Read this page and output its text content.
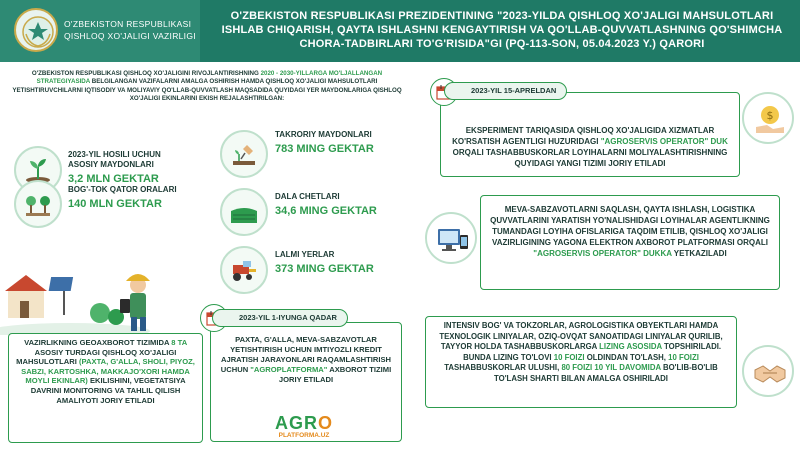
O'ZBEKISTON RESPUBLIKASI
QISHLOQ XO'JALIGI VAZIRLIGI
O'ZBEKISTON RESPUBLIKASI PREZIDENTINING "2023-YILDA QISHLOQ XO'JALIGI MAHSULOTLARI
ISHLAB CHIQARISH, QAYTA ISHLASHNI KENGAYTIRISH VA QO'LLAB-QUVVATLASHNING QO'SHIMCHA
CHORA-TADBIRLARI TO'G'RISIDA"GI (PQ-113-SON, 05.04.2023 Y.) QARORI
O'ZBEKISTON RESPUBLIKASI QISHLOQ XO'JALIGINI RIVOJLANTIRISHNING 2020 - 2030-YILLARGA MO'LJALLANGAN STRATEGIYASIDA BELGILANGAN VAZIFALARNI AMALGA OSHIRISH HAMDA QISHLOQ XO'JALIGI MAHSULOTLARI YETISHTIRUVCHILARNI IQTISODIY VA MOLIYAVIY QO'LLAB-QUVVATLASH MAQSADIDA QUYIDAGI YER MAYDONLARIGA QISHLOQ XO'JALIGI EKINLARINI EKISH REJALASHTIRILGAN:
2023-YIL HOSILI UCHUN ASOSIY MAYDONLARI
3,2 MLN GEKTAR
TAKRORIY MAYDONLARI
783 MING GEKTAR
BOG'-TOK QATOR ORALARI
140 MLN GEKTAR
DALA CHETLARI
34,6 MING GEKTAR
LALMI YERLAR
373 MING GEKTAR
VAZIRLIKNING GEOAXBOROT TIZIMIDA 8 TA ASOSIY TURDAGI QISHLOQ XO'JALIGI MAHSULOTLARI (PAXTA, G'ALLA, SHOLI, PIYOZ, SABZI, KARTOSHKA, MAKKAJO'XORI HAMDA MOYLI EKINLAR) EKILISHINI, VEGETATSIYA DAVRINI MONITORING VA TAHLIL QILISH AMALIYOTI JORIY ETILADI
PAXTA, G'ALLA, MEVA-SABZAVOTLAR YETISHTIRISH UCHUN IMTIYOZLI KREDIT AJRATISH JARAYONLARI RAQAMLASHTIRISH UCHUN "AGROPLATFORMA" AXBOROT TIZIMI JORIY ETILADI
2023-YIL 1-IYUNGA QADAR
AGRO
PLATFORMA.UZ
EKSPERIMENT TARIQASIDA QISHLOQ XO'JALIGIDA XIZMATLAR KO'RSATISH AGENTLIGI HUZURIDAGI "AGROSERVIS OPERATOR" DUK ORQALI TASHABBUSKORLAR LOYIHALARNI MOLIYALASHTIRISHNING QUYIDAGI YANGI TIZIMI JORIY ETILADI
2023-YIL 15-APRELDAN
$
MEVA-SABZAVOTLARNI SAQLASH, QAYTA ISHLASH, LOGISTIKA QUVVATLARINI YARATISH YO'NALISHIDAGI LOYIHALAR AGENTLIKNING TUMANDAGI LOYIHA OFISLARIGA TAQDIM ETILIB, QISHLOQ XO'JALIGI VAZIRLIGINING YAGONA ELEKTRON AXBOROT PLATFORMASI ORQALI "AGROSERVIS OPERATOR" DUKKA YETKAZILADI
INTENSIV BOG' VA TOKZORLAR, AGROLOGISTIKA OBYEKTLARI HAMDA TEXNOLOGIK LINIYALAR, OZIQ-OVQAT SANOATIDAGI LINIYALAR QURILIB, TAYYOR HOLDA TASHABBUSKORLARGA LIZING ASOSIDA TOPSHIRILADI. BUNDA LIZING TO'LOVI 10 FOIZI OLDINDAN TO'LASH, 10 FOIZI TASHABBUSKORLAR ULUSHI, 80 FOIZI 10 YIL DAVOMIDA BO'LIB-BO'LIB TO'LASH SHARTI BILAN AMALGA OSHIRILADI
